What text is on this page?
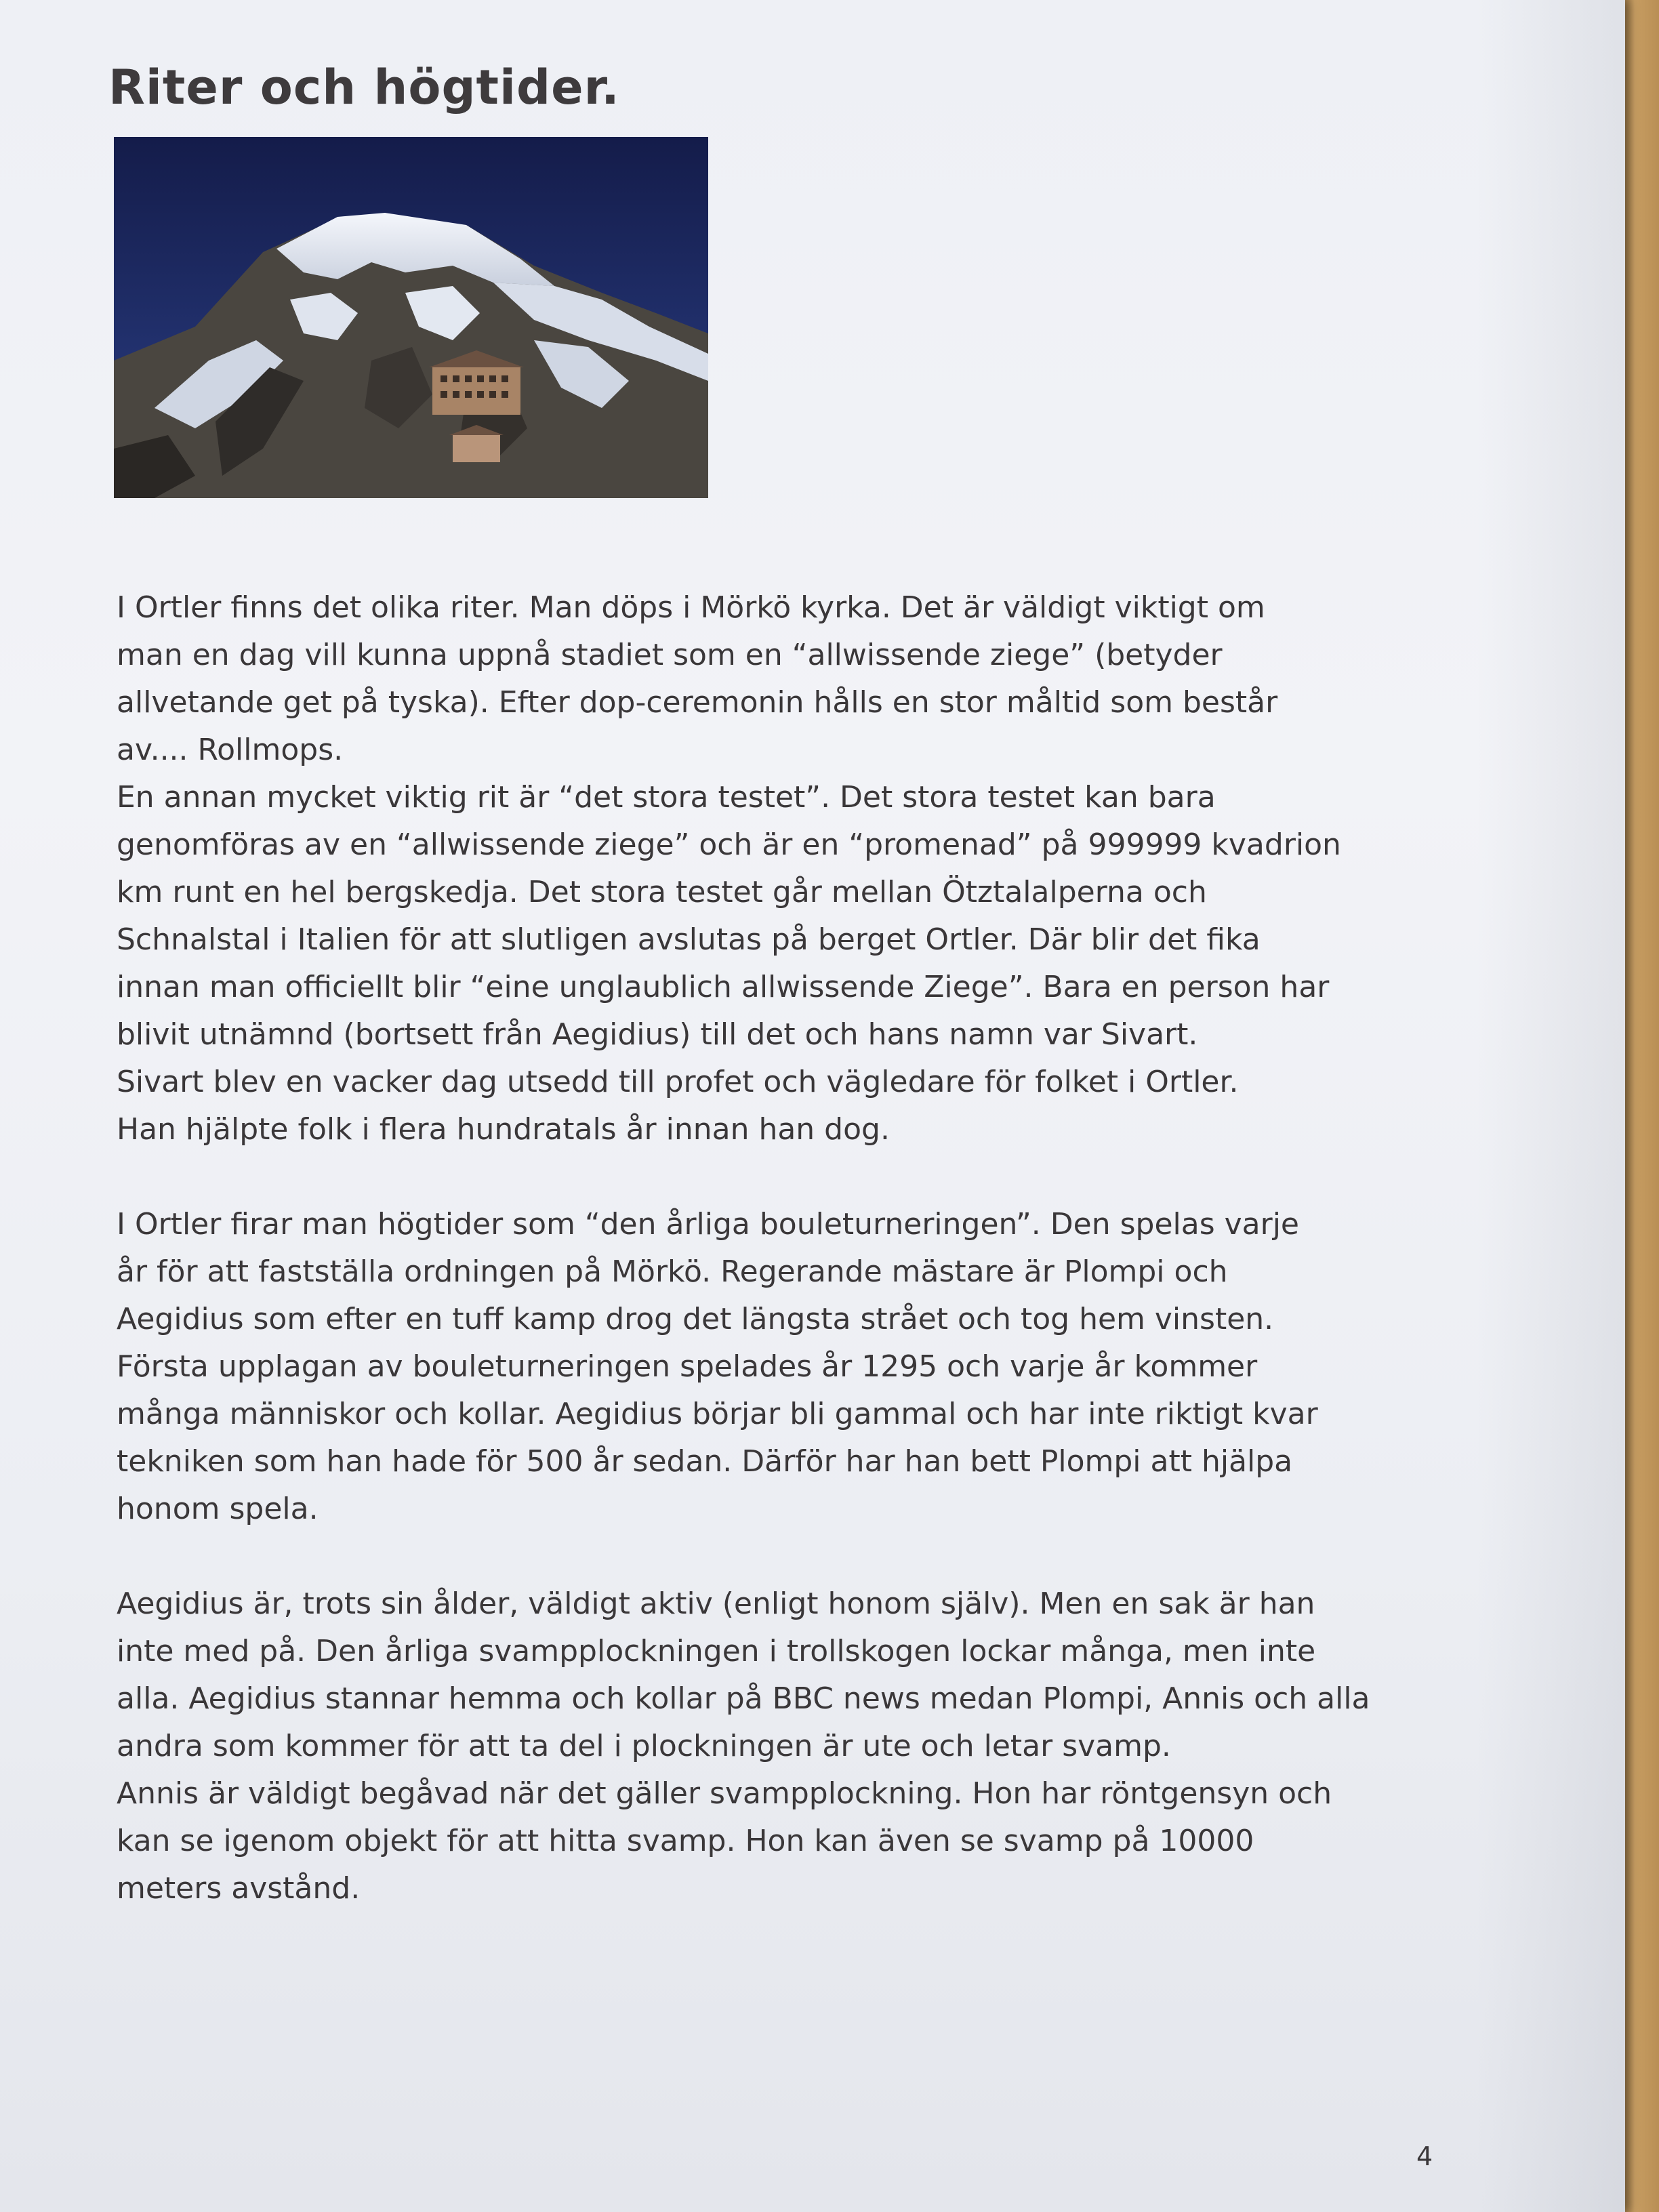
Riter och högtider.

I Ortler finns det olika riter. Man döps i Mörkö kyrka. Det är väldigt viktigt om

man en dag vill kunna uppnå stadiet som en “allwissende ziege” (betyder

allvetande get på tyska). Efter dop-ceremonin hålls en stor måltid som består

av.... Rollmops.

En annan mycket viktig rit är “det stora testet”. Det stora testet kan bara

genomföras av en “allwissende ziege” och är en “promenad” på 999999 kvadrion

km runt en hel bergskedja. Det stora testet går mellan Ötztalalperna och

Schnalstal i Italien för att slutligen avslutas på berget Ortler. Där blir det fika

innan man officiellt blir “eine unglaublich allwissende Ziege”. Bara en person har

blivit utnämnd (bortsett från Aegidius) till det och hans namn var Sivart.

Sivart blev en vacker dag utsedd till profet och vägledare för folket i Ortler.

Han hjälpte folk i flera hundratals år innan han dog.

I Ortler firar man högtider som “den årliga bouleturneringen”. Den spelas varje

år för att fastställa ordningen på Mörkö. Regerande mästare är Plompi och

Aegidius som efter en tuff kamp drog det längsta strået och tog hem vinsten.

Första upplagan av bouleturneringen spelades år 1295 och varje år kommer

många människor och kollar. Aegidius börjar bli gammal och har inte riktigt kvar

tekniken som han hade för 500 år sedan. Därför har han bett Plompi att hjälpa

honom spela.

Aegidius är, trots sin ålder, väldigt aktiv (enligt honom själv). Men en sak är han

inte med på. Den årliga svampplockningen i trollskogen lockar många, men inte

alla. Aegidius stannar hemma och kollar på BBC news medan Plompi, Annis och alla

andra som kommer för att ta del i plockningen är ute och letar svamp.

Annis är väldigt begåvad när det gäller svampplockning. Hon har röntgensyn och

kan se igenom objekt för att hitta svamp. Hon kan även se svamp på 10000

meters avstånd.

4
